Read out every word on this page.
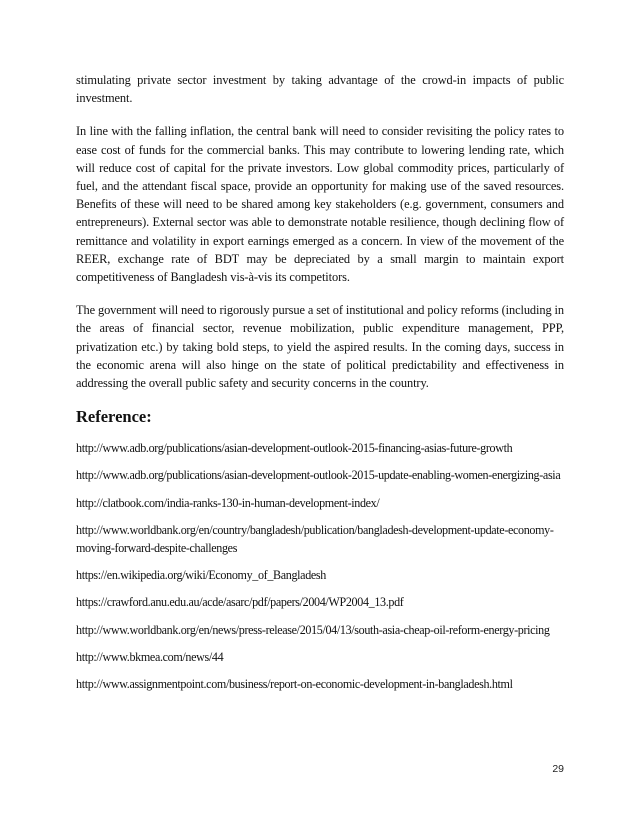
stimulating private sector investment by taking advantage of the crowd-in impacts of public investment.

In line with the falling inflation, the central bank will need to consider revisiting the policy rates to ease cost of funds for the commercial banks. This may contribute to lowering lending rate, which will reduce cost of capital for the private investors. Low global commodity prices, particularly of fuel, and the attendant fiscal space, provide an opportunity for making use of the saved resources. Benefits of these will need to be shared among key stakeholders (e.g. government, consumers and entrepreneurs). External sector was able to demonstrate notable resilience, though declining flow of remittance and volatility in export earnings emerged as a concern. In view of the movement of the REER, exchange rate of BDT may be depreciated by a small margin to maintain export competitiveness of Bangladesh vis-à-vis its competitors.

The government will need to rigorously pursue a set of institutional and policy reforms (including in the areas of financial sector, revenue mobilization, public expenditure management, PPP, privatization etc.) by taking bold steps, to yield the aspired results. In the coming days, success in the economic arena will also hinge on the state of political predictability and effectiveness in addressing the overall public safety and security concerns in the country.

Reference:
http://www.adb.org/publications/asian-development-outlook-2015-financing-asias-future-growth
http://www.adb.org/publications/asian-development-outlook-2015-update-enabling-women-energizing-asia
http://clatbook.com/india-ranks-130-in-human-development-index/
http://www.worldbank.org/en/country/bangladesh/publication/bangladesh-development-update-economy-moving-forward-despite-challenges
https://en.wikipedia.org/wiki/Economy_of_Bangladesh
https://crawford.anu.edu.au/acde/asarc/pdf/papers/2004/WP2004_13.pdf
http://www.worldbank.org/en/news/press-release/2015/04/13/south-asia-cheap-oil-reform-energy-pricing
http://www.bkmea.com/news/44
http://www.assignmentpoint.com/business/report-on-economic-development-in-bangladesh.html
29
